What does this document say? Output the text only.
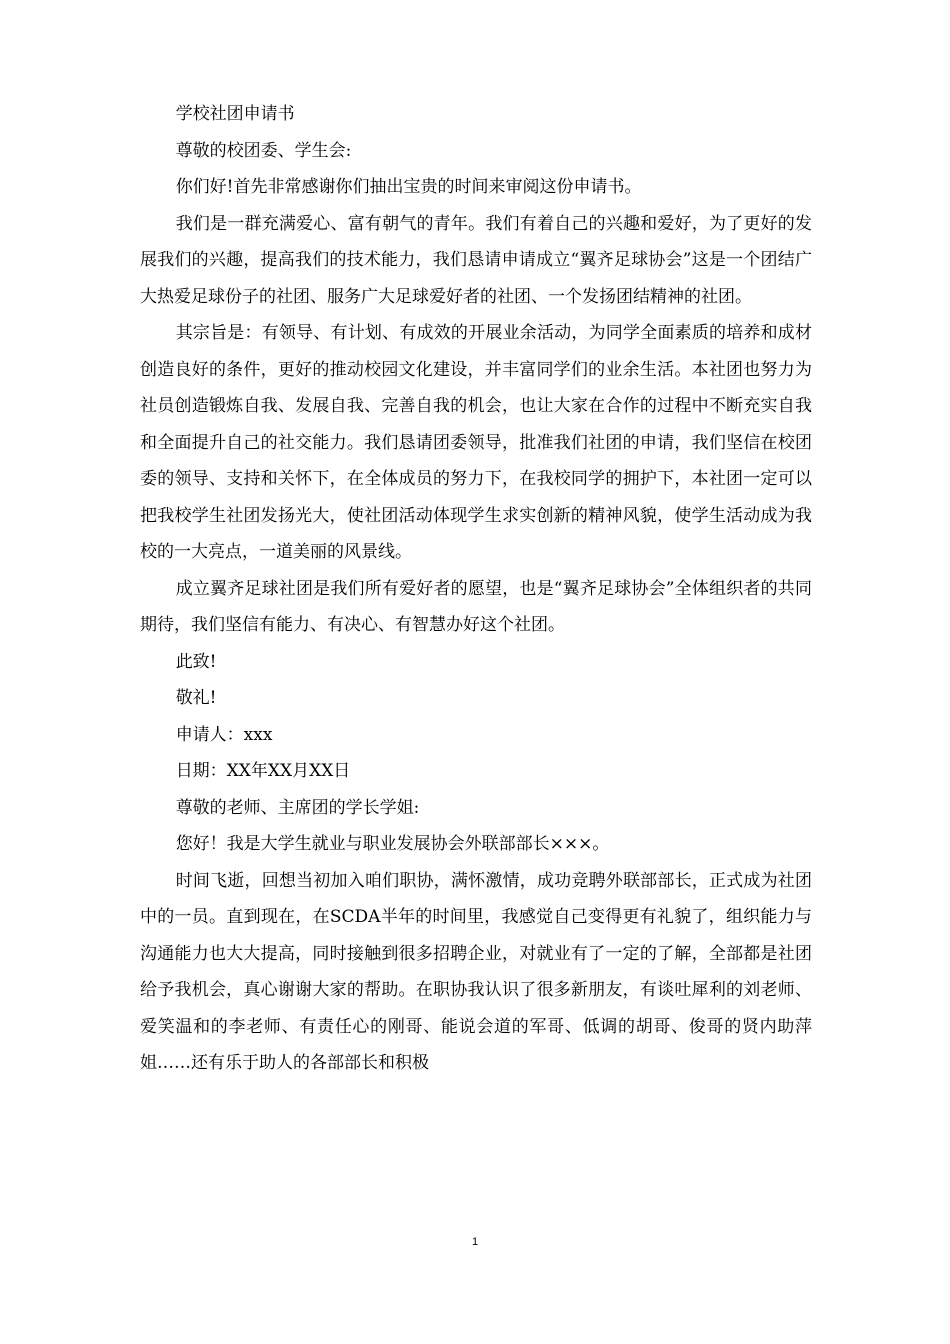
学校社团申请书

尊敬的校团委、学生会:

你们好!首先非常感谢你们抽出宝贵的时间来审阅这份申请书。

我们是一群充满爱心、富有朝气的青年。我们有着自己的兴趣和爱好，为了更好的发展我们的兴趣，提高我们的技术能力，我们恳请申请成立“翼齐足球协会”这是一个团结广大热爱足球份子的社团、服务广大足球爱好者的社团、一个发扬团结精神的社团。

其宗旨是：有领导、有计划、有成效的开展业余活动，为同学全面素质的培养和成材创造良好的条件，更好的推动校园文化建设，并丰富同学们的业余生活。本社团也努力为社员创造锻炼自我、发展自我、完善自我的机会，也让大家在合作的过程中不断充实自我和全面提升自己的社交能力。我们恳请团委领导，批准我们社团的申请，我们坚信在校团委的领导、支持和关怀下，在全体成员的努力下，在我校同学的拥护下，本社团一定可以把我校学生社团发扬光大，使社团活动体现学生求实创新的精神风貌，使学生活动成为我校的一大亮点，一道美丽的风景线。

成立翼齐足球社团是我们所有爱好者的愿望，也是“翼齐足球协会”全体组织者的共同期待，我们坚信有能力、有决心、有智慧办好这个社团。

此致!

敬礼!

申请人：xxx

日期：XX年XX月XX日

尊敬的老师、主席团的学长学姐:

您好！我是大学生就业与职业发展协会外联部部长×××。

时间飞逝，回想当初加入咱们职协，满怀激情，成功竞聘外联部部长，正式成为社团中的一员。直到现在，在SCDA半年的时间里，我感觉自己变得更有礼貌了，组织能力与沟通能力也大大提高，同时接触到很多招聘企业，对就业有了一定的了解，全部都是社团给予我机会，真心谢谢大家的帮助。在职协我认识了很多新朋友，有谈吐犀利的刘老师、爱笑温和的李老师、有责任心的刚哥、能说会道的军哥、低调的胡哥、俊哥的贤内助萍姐……还有乐于助人的各部部长和积极

1
